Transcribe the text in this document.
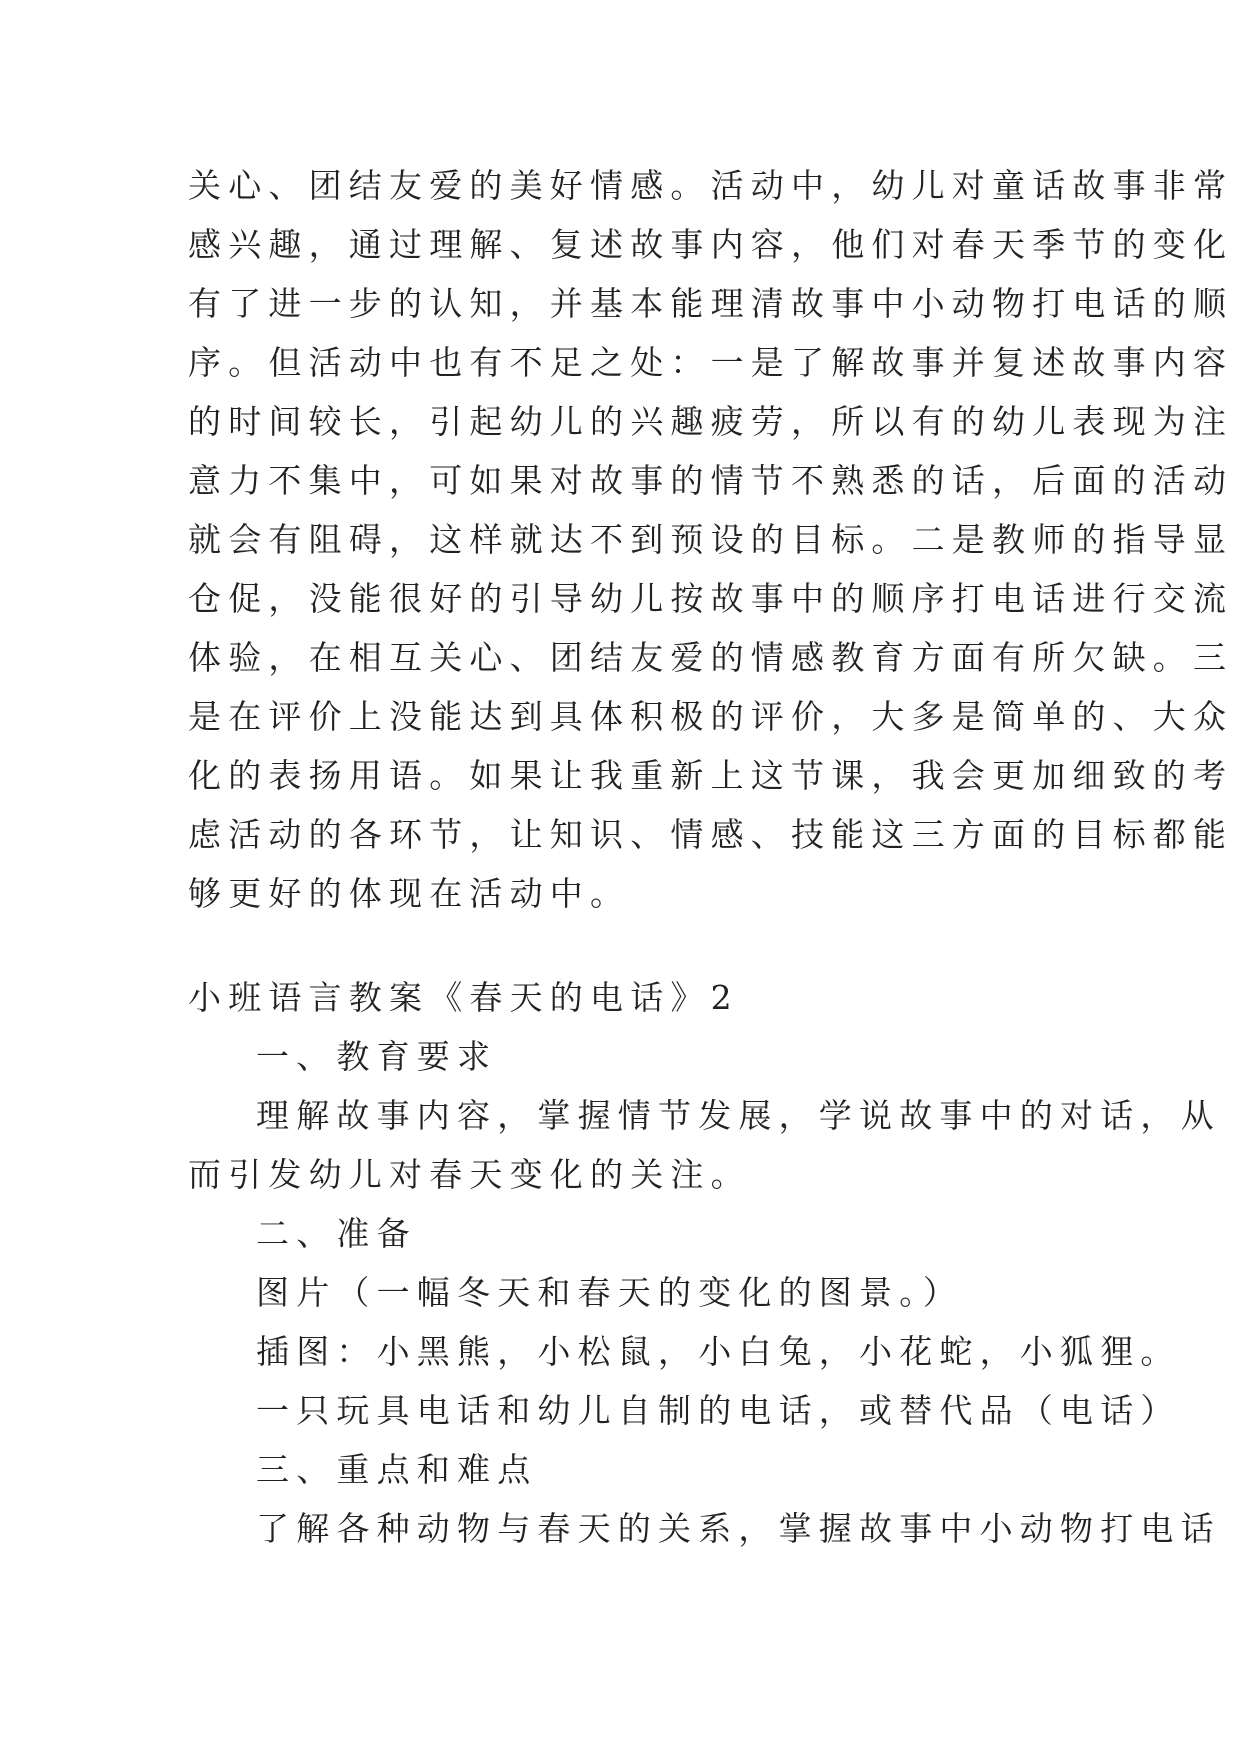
关心、团结友爱的美好情感。活动中，幼儿对童话故事非常
感兴趣，通过理解、复述故事内容，他们对春天季节的变化
有了进一步的认知，并基本能理清故事中小动物打电话的顺
序。但活动中也有不足之处：一是了解故事并复述故事内容
的时间较长，引起幼儿的兴趣疲劳，所以有的幼儿表现为注
意力不集中，可如果对故事的情节不熟悉的话，后面的活动
就会有阻碍，这样就达不到预设的目标。二是教师的指导显
仓促，没能很好的引导幼儿按故事中的顺序打电话进行交流
体验，在相互关心、团结友爱的情感教育方面有所欠缺。三
是在评价上没能达到具体积极的评价，大多是简单的、大众
化的表扬用语。如果让我重新上这节课，我会更加细致的考
虑活动的各环节，让知识、情感、技能这三方面的目标都能
够更好的体现在活动中。
小班语言教案《春天的电话》2
一、教育要求
理解故事内容，掌握情节发展，学说故事中的对话，从
而引发幼儿对春天变化的关注。
二、准备
图片（一幅冬天和春天的变化的图景。）
插图：小黑熊，小松鼠，小白兔，小花蛇，小狐狸。
一只玩具电话和幼儿自制的电话，或替代品（电话）
三、重点和难点
了解各种动物与春天的关系，掌握故事中小动物打电话
